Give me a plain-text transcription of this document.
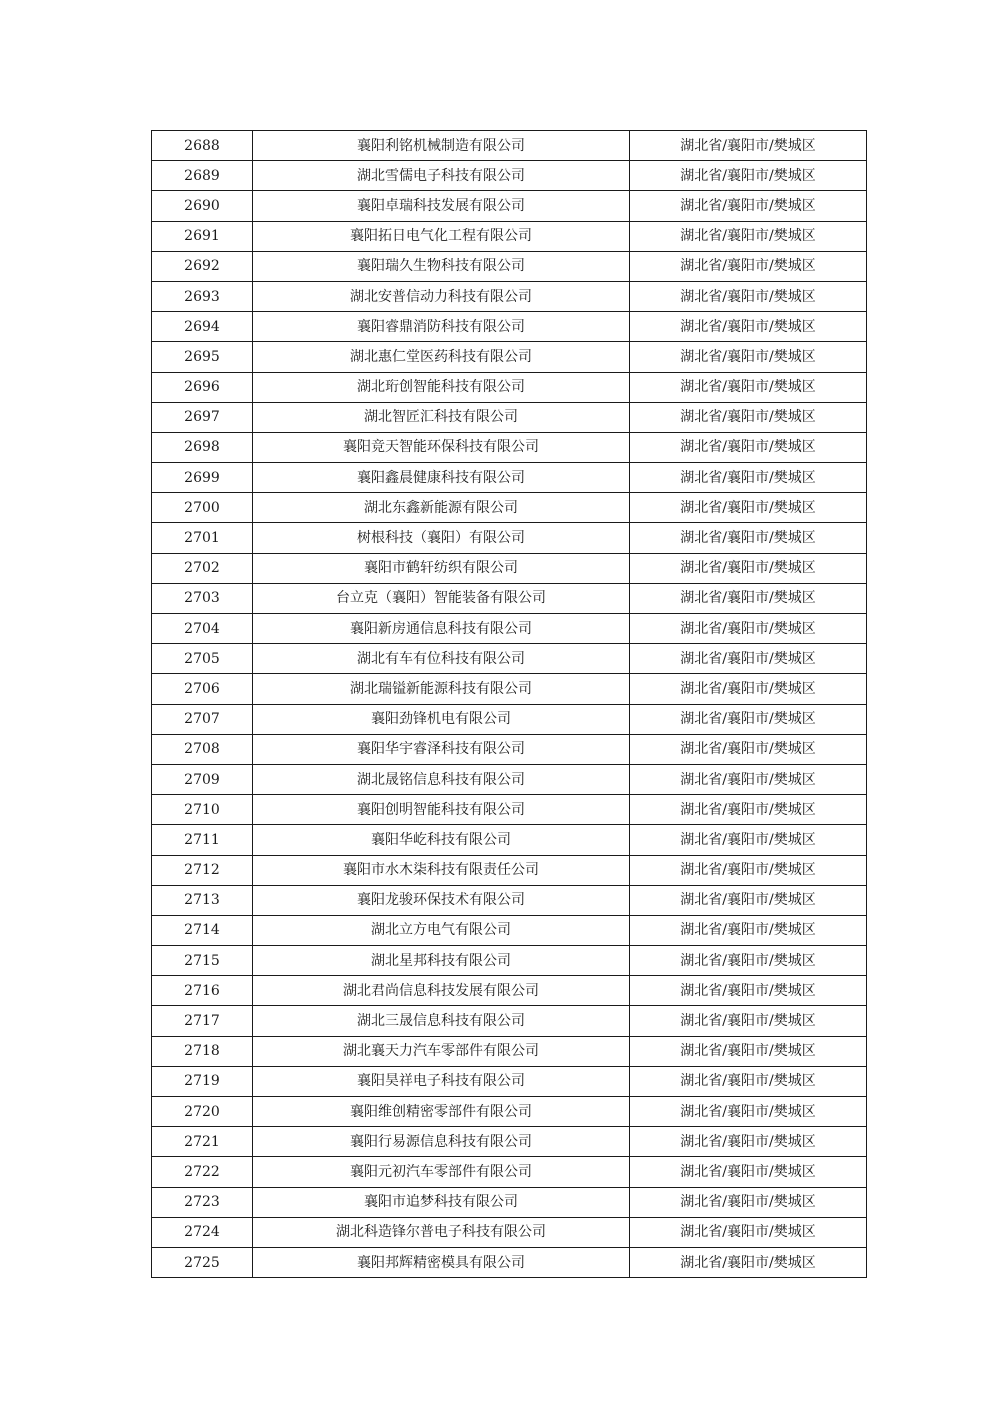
2688	襄阳利铭机械制造有限公司	湖北省/襄阳市/樊城区
2689	湖北雪儒电子科技有限公司	湖北省/襄阳市/樊城区
2690	襄阳卓瑞科技发展有限公司	湖北省/襄阳市/樊城区
2691	襄阳拓日电气化工程有限公司	湖北省/襄阳市/樊城区
2692	襄阳瑞久生物科技有限公司	湖北省/襄阳市/樊城区
2693	湖北安普信动力科技有限公司	湖北省/襄阳市/樊城区
2694	襄阳睿鼎消防科技有限公司	湖北省/襄阳市/樊城区
2695	湖北惠仁堂医药科技有限公司	湖北省/襄阳市/樊城区
2696	湖北珩创智能科技有限公司	湖北省/襄阳市/樊城区
2697	湖北智匠汇科技有限公司	湖北省/襄阳市/樊城区
2698	襄阳竞天智能环保科技有限公司	湖北省/襄阳市/樊城区
2699	襄阳鑫晨健康科技有限公司	湖北省/襄阳市/樊城区
2700	湖北东鑫新能源有限公司	湖北省/襄阳市/樊城区
2701	树根科技（襄阳）有限公司	湖北省/襄阳市/樊城区
2702	襄阳市鹤轩纺织有限公司	湖北省/襄阳市/樊城区
2703	台立克（襄阳）智能装备有限公司	湖北省/襄阳市/樊城区
2704	襄阳新房通信息科技有限公司	湖北省/襄阳市/樊城区
2705	湖北有车有位科技有限公司	湖北省/襄阳市/樊城区
2706	湖北瑞镒新能源科技有限公司	湖北省/襄阳市/樊城区
2707	襄阳劲锋机电有限公司	湖北省/襄阳市/樊城区
2708	襄阳华宇睿泽科技有限公司	湖北省/襄阳市/樊城区
2709	湖北晟铭信息科技有限公司	湖北省/襄阳市/樊城区
2710	襄阳创明智能科技有限公司	湖北省/襄阳市/樊城区
2711	襄阳华屹科技有限公司	湖北省/襄阳市/樊城区
2712	襄阳市水木柒科技有限责任公司	湖北省/襄阳市/樊城区
2713	襄阳龙骏环保技术有限公司	湖北省/襄阳市/樊城区
2714	湖北立方电气有限公司	湖北省/襄阳市/樊城区
2715	湖北星邦科技有限公司	湖北省/襄阳市/樊城区
2716	湖北君尚信息科技发展有限公司	湖北省/襄阳市/樊城区
2717	湖北三晟信息科技有限公司	湖北省/襄阳市/樊城区
2718	湖北襄天力汽车零部件有限公司	湖北省/襄阳市/樊城区
2719	襄阳昊祥电子科技有限公司	湖北省/襄阳市/樊城区
2720	襄阳维创精密零部件有限公司	湖北省/襄阳市/樊城区
2721	襄阳行易源信息科技有限公司	湖北省/襄阳市/樊城区
2722	襄阳元初汽车零部件有限公司	湖北省/襄阳市/樊城区
2723	襄阳市追梦科技有限公司	湖北省/襄阳市/樊城区
2724	湖北科造锋尔普电子科技有限公司	湖北省/襄阳市/樊城区
2725	襄阳邦辉精密模具有限公司	湖北省/襄阳市/樊城区
